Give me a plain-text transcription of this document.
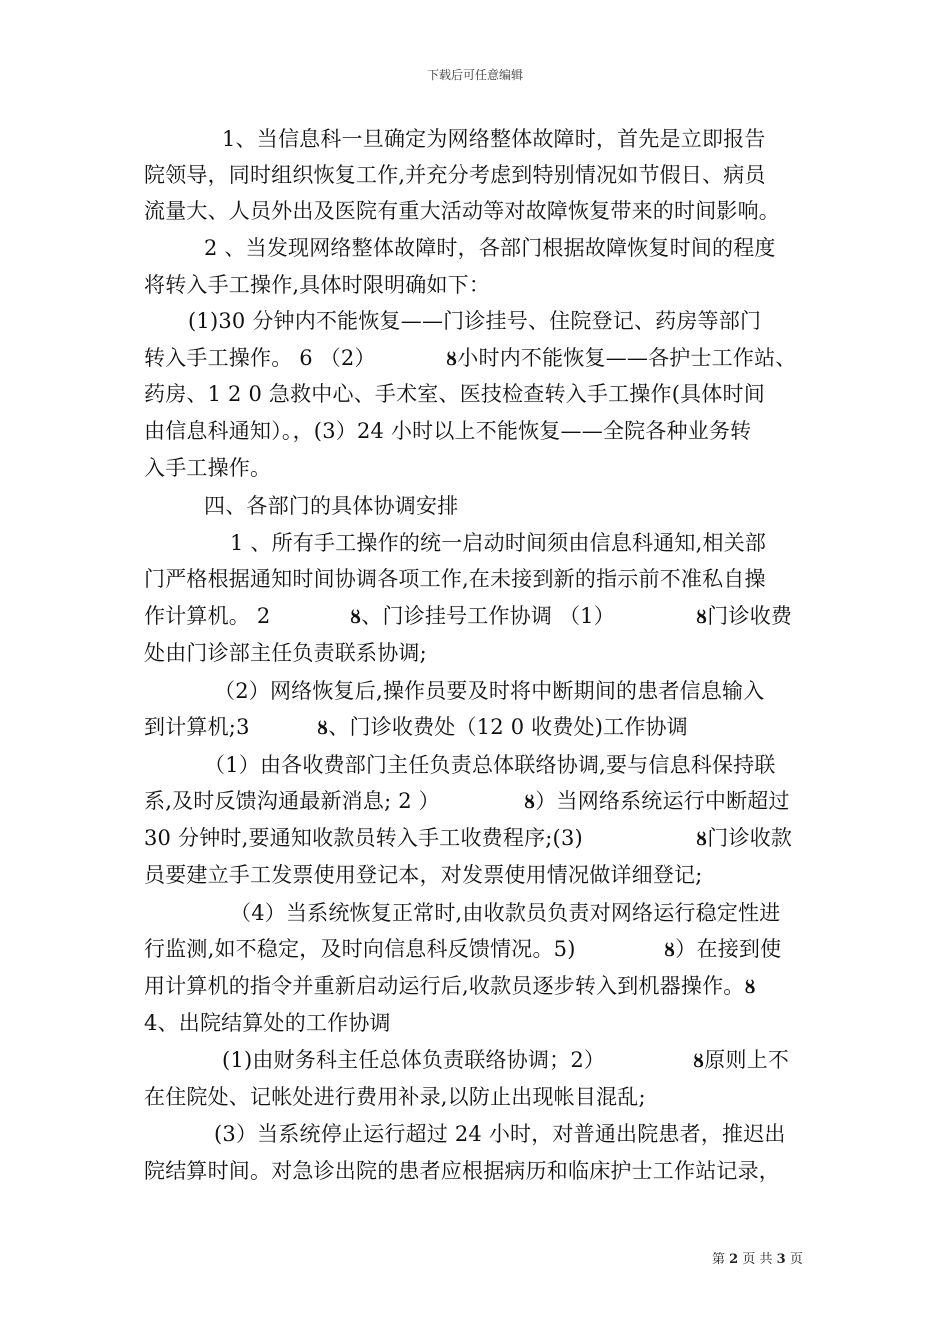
下载后可任意编辑
1、当信息科一旦确定为网络整体故障时，首先是立即报告
院领导，同时组织恢复工作,并充分考虑到特别情况如节假日、病员
流量大、人员外出及医院有重大活动等对故障恢复带来的时间影响。
2 、当发现网络整体故障时，各部门根据故障恢复时间的程度
将转入手工操作,具体时限明确如下：
(1)30 分钟内不能恢复——门诊挂号、住院登记、药房等部门
转入手工操作。 6 （2）	ȣ小时内不能恢复——各护士工作站、
药房、1 2 0 急救中心、手术室、医技检查转入手工操作(具体时间
由信息科通知）。，(3）24 小时以上不能恢复——全院各种业务转
入手工操作。
四、各部门的具体协调安排
1 、所有手工操作的统一启动时间须由信息科通知,相关部
门严格根据通知时间协调各项工作,在未接到新的指示前不准私自操
作计算机。 2	ȣ、门诊挂号工作协调 （1）	ȣ门诊收费
处由门诊部主任负责联系协调;
（2）网络恢复后,操作员要及时将中断期间的患者信息输入
到计算机;3	ȣ、门诊收费处（12 0 收费处)工作协调
（1）由各收费部门主任负责总体联络协调,要与信息科保持联
系,及时反馈沟通最新消息; 2 ）	ȣ）当网络系统运行中断超过
30 分钟时,要通知收款员转入手工收费程序;(3)	ȣ门诊收款
员要建立手工发票使用登记本，对发票使用情况做详细登记;
（4）当系统恢复正常时,由收款员负责对网络运行稳定性进
行监测,如不稳定，及时向信息科反馈情况。5)	ȣ）在接到使
用计算机的指令并重新启动运行后,收款员逐步转入到机器操作。ȣ
4、出院结算处的工作协调
(1)由财务科主任总体负责联络协调；2）	ȣ原则上不
在住院处、记帐处进行费用补录,以防止出现帐目混乱;
(3）当系统停止运行超过 24 小时，对普通出院患者，推迟出
院结算时间。对急诊出院的患者应根据病历和临床护士工作站记录，
第 2 页 共 3 页
